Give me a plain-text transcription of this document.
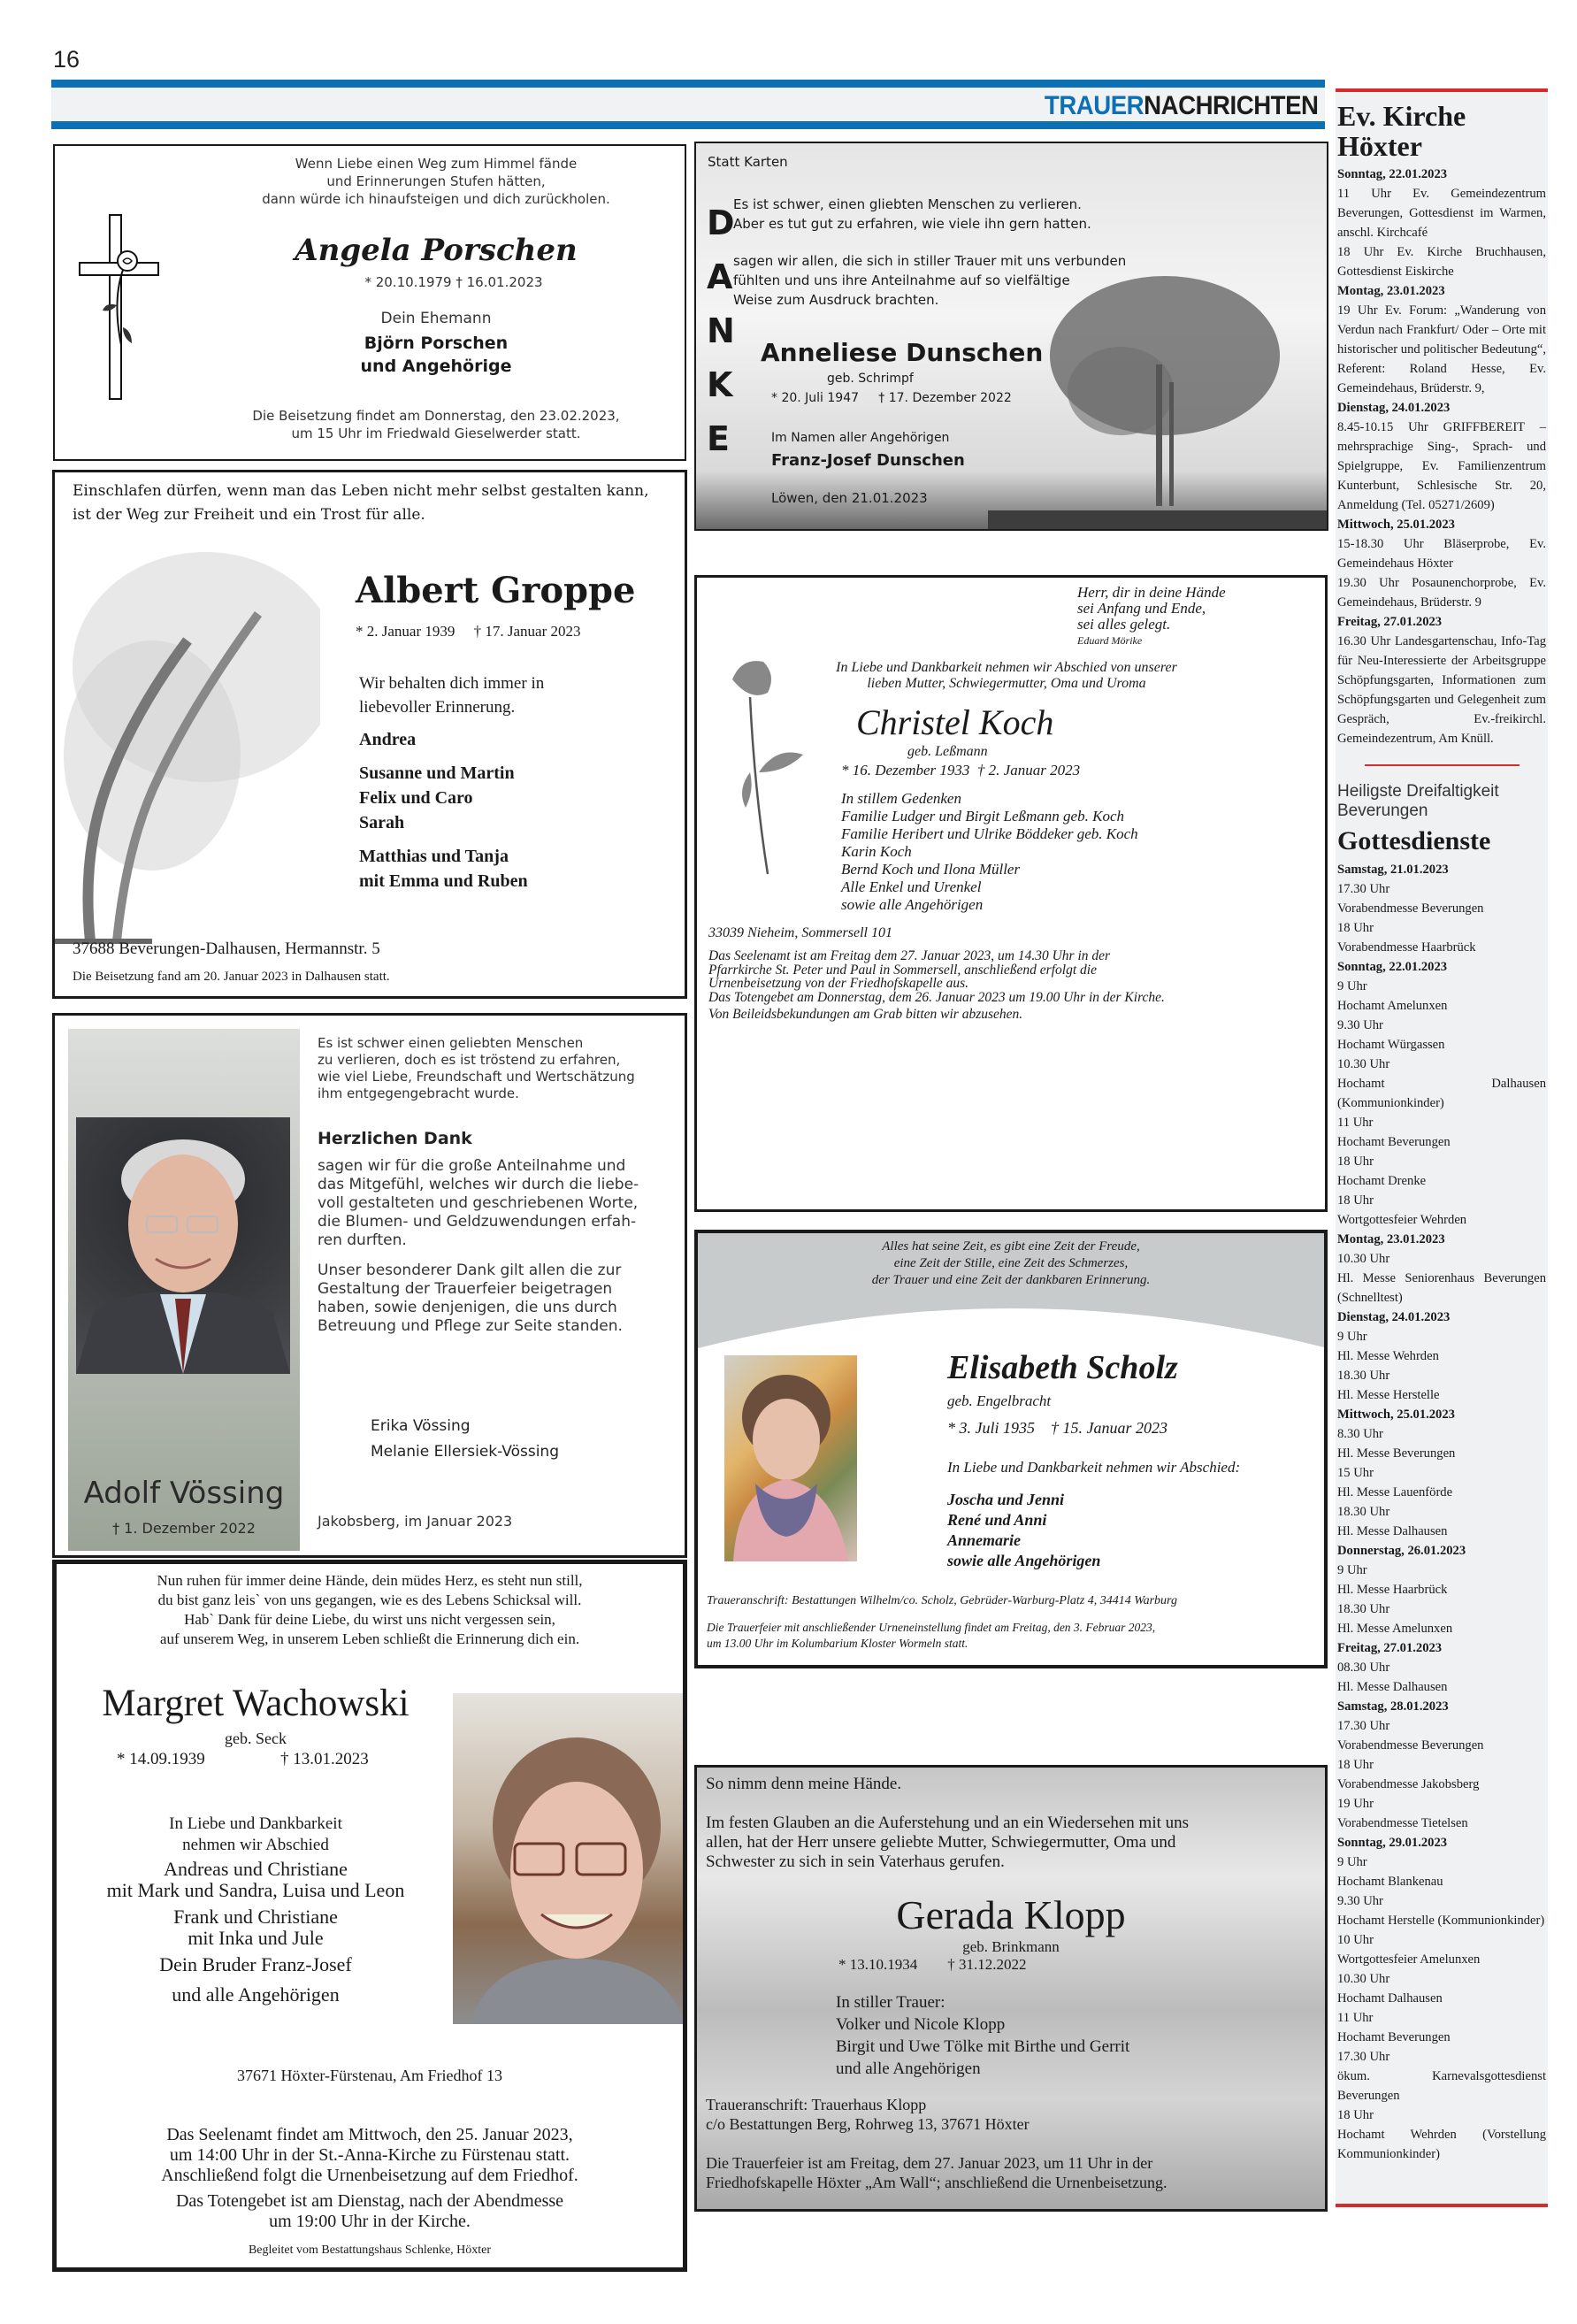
16
TRAUERNACHRICHTEN
Wenn Liebe einen Weg zum Himmel fände
und Erinnerungen Stufen hätten,
dann würde ich hinaufsteigen und dich zurückholen.
Angela Porschen
* 20.10.1979 † 16.01.2023
Dein Ehemann
Björn Porschen
und Angehörige
Die Beisetzung findet am Donnerstag, den 23.02.2023,
um 15 Uhr im Friedwald Gieselwerder statt.
Statt Karten
D
A
N
K
E
Es ist schwer, einen gliebten Menschen zu verlieren.
Aber es tut gut zu erfahren, wie viele ihn gern hatten.
sagen wir allen, die sich in stiller Trauer mit uns verbunden
fühlten und uns ihre Anteilnahme auf so vielfältige
Weise zum Ausdruck brachten.
Anneliese Dunschen
geb. Schrimpf
* 20. Juli 1947     † 17. Dezember 2022
Im Namen aller Angehörigen
Franz-Josef Dunschen
Löwen, den 21.01.2023
Einschlafen dürfen, wenn man das Leben nicht mehr selbst gestalten kann,
ist der Weg zur Freiheit und ein Trost für alle.
Albert Groppe
* 2. Januar 1939     † 17. Januar 2023
Wir behalten dich immer in
liebevoller Erinnerung.
Andrea
Susanne und Martin
Felix und Caro
Sarah
Matthias und Tanja
mit Emma und Ruben
37688 Beverungen-Dalhausen, Hermannstr. 5
Die Beisetzung fand am 20. Januar 2023 in Dalhausen statt.
Herr, dir in deine Hände
sei Anfang und Ende,
sei alles gelegt.
Eduard Mörike
In Liebe und Dankbarkeit nehmen wir Abschied von unserer
lieben Mutter, Schwiegermutter, Oma und Uroma
Christel Koch
geb. Leßmann
* 16. Dezember 1933  † 2. Januar 2023
In stillem Gedenken
Familie Ludger und Birgit Leßmann geb. Koch
Familie Heribert und Ulrike Böddeker geb. Koch
Karin Koch
Bernd Koch und Ilona Müller
Alle Enkel und Urenkel
sowie alle Angehörigen
33039 Nieheim, Sommersell 101
Das Seelenamt ist am Freitag dem 27. Januar 2023, um 14.30 Uhr in der
Pfarrkirche St. Peter und Paul in Sommersell, anschließend erfolgt die
Urnenbeisetzung von der Friedhofskapelle aus.
Das Totengebet am Donnerstag, dem 26. Januar 2023 um 19.00 Uhr in der Kirche.
Von Beileidsbekundungen am Grab bitten wir abzusehen.
Adolf Vössing
† 1. Dezember 2022
Es ist schwer einen geliebten Menschen
zu verlieren, doch es ist tröstend zu erfahren,
wie viel Liebe, Freundschaft und Wertschätzung
ihm entgegengebracht wurde.
Herzlichen Dank
sagen wir für die große Anteilnahme und
das Mitgefühl, welches wir durch die liebe-
voll gestalteten und geschriebenen Worte,
die Blumen- und Geldzuwendungen erfah-
ren durften.
Unser besonderer Dank gilt allen die zur
Gestaltung der Trauerfeier beigetragen
haben, sowie denjenigen, die uns durch
Betreuung und Pflege zur Seite standen.
Erika Vössing
Melanie Ellersiek-Vössing
Jakobsberg, im Januar 2023
Alles hat seine Zeit, es gibt eine Zeit der Freude,
eine Zeit der Stille, eine Zeit des Schmerzes,
der Trauer und eine Zeit der dankbaren Erinnerung.
Elisabeth Scholz
geb. Engelbracht
* 3. Juli 1935    † 15. Januar 2023
In Liebe und Dankbarkeit nehmen wir Abschied:
Joscha und Jenni
René und Anni
Annemarie
sowie alle Angehörigen
Traueranschrift: Bestattungen Wilhelm/co. Scholz, Gebrüder-Warburg-Platz 4, 34414 Warburg
Die Trauerfeier mit anschließender Urneneinstellung findet am Freitag, den 3. Februar 2023,
um 13.00 Uhr im Kolumbarium Kloster Wormeln statt.
Nun ruhen für immer deine Hände, dein müdes Herz, es steht nun still,
du bist ganz leis` von uns gegangen, wie es des Lebens Schicksal will.
Hab` Dank für deine Liebe, du wirst uns nicht vergessen sein,
auf unserem Weg, in unserem Leben schließt die Erinnerung dich ein.
Margret Wachowski
geb. Seck
* 14.09.1939	† 13.01.2023
In Liebe und Dankbarkeit
nehmen wir Abschied
Andreas und Christiane
mit Mark und Sandra, Luisa und Leon
Frank und Christiane
mit Inka und Jule
Dein Bruder Franz-Josef
und alle Angehörigen
37671 Höxter-Fürstenau, Am Friedhof 13
Das Seelenamt findet am Mittwoch, den 25. Januar 2023,
um 14:00 Uhr in der St.-Anna-Kirche zu Fürstenau statt.
Anschließend folgt die Urnenbeisetzung auf dem Friedhof.
Das Totengebet ist am Dienstag, nach der Abendmesse
um 19:00 Uhr in der Kirche.
Begleitet vom Bestattungshaus Schlenke, Höxter
So nimm denn meine Hände.
Im festen Glauben an die Auferstehung und an ein Wiedersehen mit uns
allen, hat der Herr unsere geliebte Mutter, Schwiegermutter, Oma und
Schwester zu sich in sein Vaterhaus gerufen.
Gerada Klopp
geb. Brinkmann
* 13.10.1934        † 31.12.2022
In stiller Trauer:
Volker und Nicole Klopp
Birgit und Uwe Tölke mit Birthe und Gerrit
und alle Angehörigen
Traueranschrift: Trauerhaus Klopp
c/o Bestattungen Berg, Rohrweg 13, 37671 Höxter
Die Trauerfeier ist am Freitag, dem 27. Januar 2023, um 11 Uhr in der
Friedhofskapelle Höxter „Am Wall“; anschließend die Urnenbeisetzung.
Ev. Kirche
Höxter
Sonntag, 22.01.2023
11 Uhr Ev. Gemeindezentrum Beverungen, Gottesdienst im Warmen, anschl. Kirchcafé
18 Uhr Ev. Kirche Bruchhausen, Gottesdienst Eiskirche
Montag, 23.01.2023
19 Uhr Ev. Forum: „Wanderung von Verdun nach Frankfurt/ Oder – Orte mit historischer und politischer Bedeutung“, Referent: Roland Hesse, Ev. Gemeindehaus, Brüderstr. 9,
Dienstag, 24.01.2023
8.45-10.15 Uhr GRIFFBEREIT – mehrsprachige Sing-, Sprach- und Spielgruppe, Ev. Familienzentrum Kunterbunt, Schlesische Str. 20, Anmeldung (Tel. 05271/2609)
Mittwoch, 25.01.2023
15-18.30 Uhr Bläserprobe, Ev. Gemeindehaus Höxter
19.30 Uhr Posaunenchorprobe, Ev. Gemeindehaus, Brüderstr. 9
Freitag, 27.01.2023
16.30 Uhr Landesgartenschau, Info-Tag für Neu-Interessierte der Arbeitsgruppe Schöpfungsgarten, Informationen zum Schöpfungsgarten und Gelegenheit zum Gespräch, Ev.-freikirchl. Gemeindezentrum, Am Knüll.
Heiligste Dreifaltigkeit
Beverungen
Gottesdienste
Samstag, 21.01.2023
17.30 Uhr
Vorabendmesse Beverungen
18 Uhr
Vorabendmesse Haarbrück
Sonntag, 22.01.2023
9 Uhr
Hochamt Amelunxen
9.30 Uhr
Hochamt Würgassen
10.30 Uhr
Hochamt Dalhausen (Kommunionkinder)
11 Uhr
Hochamt Beverungen
18 Uhr
Hochamt Drenke
18 Uhr
Wortgottesfeier Wehrden
Montag, 23.01.2023
10.30 Uhr
Hl. Messe Seniorenhaus Beverungen (Schnelltest)
Dienstag, 24.01.2023
9 Uhr
Hl. Messe Wehrden
18.30 Uhr
Hl. Messe Herstelle
Mittwoch, 25.01.2023
8.30 Uhr
Hl. Messe Beverungen
15 Uhr
Hl. Messe Lauenförde
18.30 Uhr
Hl. Messe Dalhausen
Donnerstag, 26.01.2023
9 Uhr
Hl. Messe Haarbrück
18.30 Uhr
Hl. Messe Amelunxen
Freitag, 27.01.2023
08.30 Uhr
Hl. Messe Dalhausen
Samstag, 28.01.2023
17.30 Uhr
Vorabendmesse Beverungen
18 Uhr
Vorabendmesse Jakobsberg
19 Uhr
Vorabendmesse Tietelsen
Sonntag, 29.01.2023
9 Uhr
Hochamt Blankenau
9.30 Uhr
Hochamt Herstelle (Kommunionkinder)
10 Uhr
Wortgottesfeier Amelunxen
10.30 Uhr
Hochamt Dalhausen
11 Uhr
Hochamt Beverungen
17.30 Uhr
ökum. Karnevalsgottesdienst Beverungen
18 Uhr
Hochamt Wehrden (Vorstellung Kommunionkinder)
